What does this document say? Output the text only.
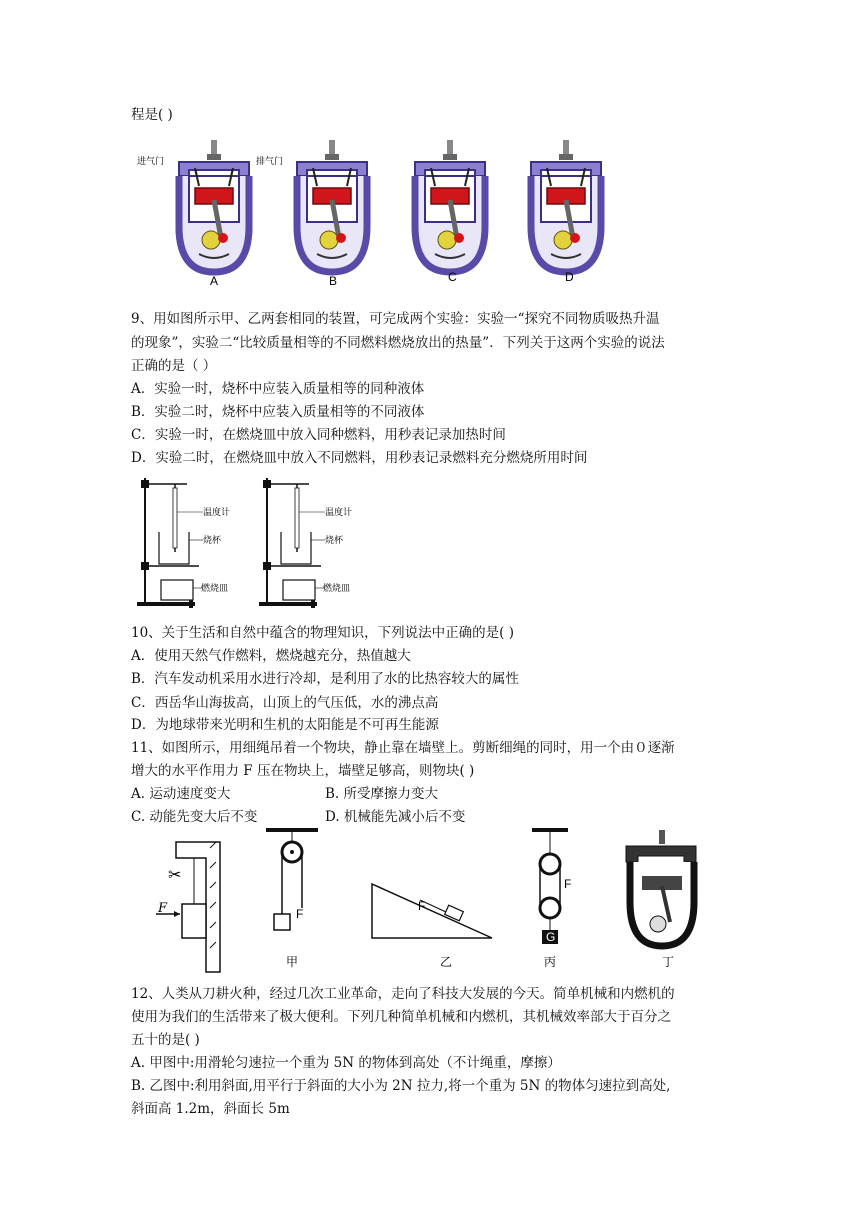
程是( )
进气门	排气门
A	B	C	D
9、用如图所示甲、乙两套相同的装置，可完成两个实验：实验一“探究不同物质吸热升温
的现象”，实验二“比较质量相等的不同燃料燃烧放出的热量”．下列关于这两个实验的说法
正确的是（ ）
A．实验一时，烧杯中应装入质量相等的同种液体
B．实验二时，烧杯中应装入质量相等的不同液体
C．实验一时，在燃烧皿中放入同种燃料，用秒表记录加热时间
D．实验二时，在燃烧皿中放入不同燃料，用秒表记录燃料充分燃烧所用时间
温度计
烧杯
燃烧皿
温度计
烧杯
燃烧皿
10、关于生活和自然中蕴含的物理知识，下列说法中正确的是( )
A．使用天然气作燃料，燃烧越充分，热值越大
B．汽车发动机采用水进行冷却，是利用了水的比热容较大的属性
C．西岳华山海拔高，山顶上的气压低，水的沸点高
D．为地球带来光明和生机的太阳能是不可再生能源
11、如图所示，用细绳吊着一个物块，静止靠在墙壁上。剪断细绳的同时，用一个由０逐渐
增大的水平作用力 F 压在物块上，墙壁足够高，则物块( )
A. 运动速度变大	B. 所受摩擦力变大
C. 动能先变大后不变	D. 机械能先减小后不变
✂
F	F
甲
F
乙
G
F
丙	丁
12、人类从刀耕火种，经过几次工业革命，走向了科技大发展的今天。简单机械和内燃机的
使用为我们的生活带来了极大便利。下列几种简单机械和内燃机，其机械效率部大于百分之
五十的是( )
A. 甲图中:用滑轮匀速拉一个重为 5N 的物体到高处（不计绳重，摩擦）
B. 乙图中:利用斜面,用平行于斜面的大小为 2N 拉力,将一个重为 5N 的物体匀速拉到高处,
斜面高 1.2m，斜面长 5m
